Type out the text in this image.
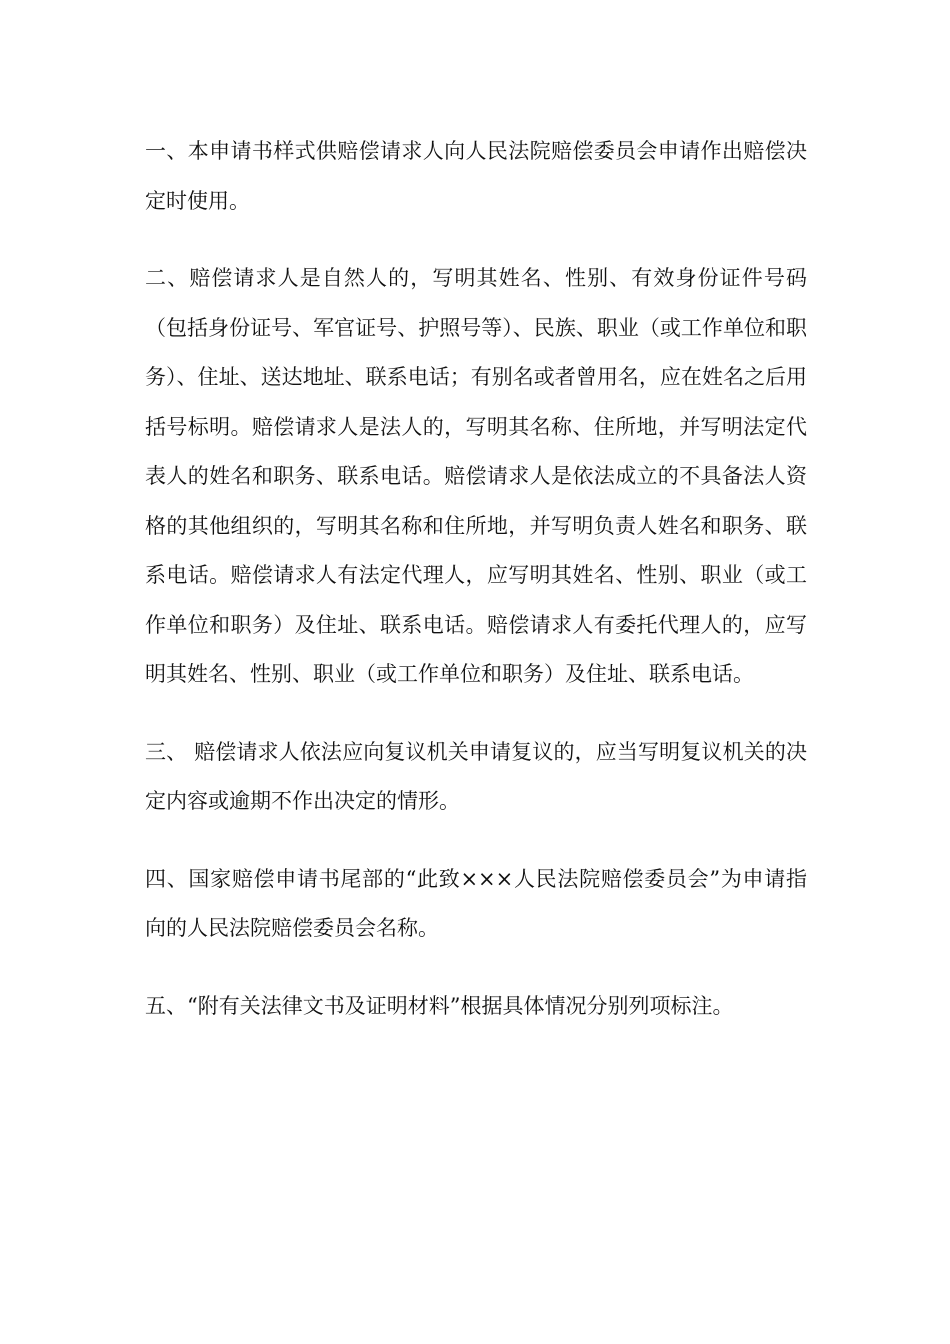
一、本申请书样式供赔偿请求人向人民法院赔偿委员会申请作出赔偿决定时使用。

二、赔偿请求人是自然人的，写明其姓名、性别、有效身份证件号码（包括身份证号、军官证号、护照号等）、民族、职业（或工作单位和职务）、住址、送达地址、联系电话；有别名或者曾用名，应在姓名之后用括号标明。赔偿请求人是法人的，写明其名称、住所地，并写明法定代表人的姓名和职务、联系电话。赔偿请求人是依法成立的不具备法人资格的其他组织的，写明其名称和住所地，并写明负责人姓名和职务、联系电话。赔偿请求人有法定代理人，应写明其姓名、性别、职业（或工作单位和职务）及住址、联系电话。赔偿请求人有委托代理人的，应写明其姓名、性别、职业（或工作单位和职务）及住址、联系电话。

三、 赔偿请求人依法应向复议机关申请复议的，应当写明复议机关的决定内容或逾期不作出决定的情形。

四、国家赔偿申请书尾部的“此致×××人民法院赔偿委员会”为申请指向的人民法院赔偿委员会名称。

五、“附有关法律文书及证明材料”根据具体情况分别列项标注。
